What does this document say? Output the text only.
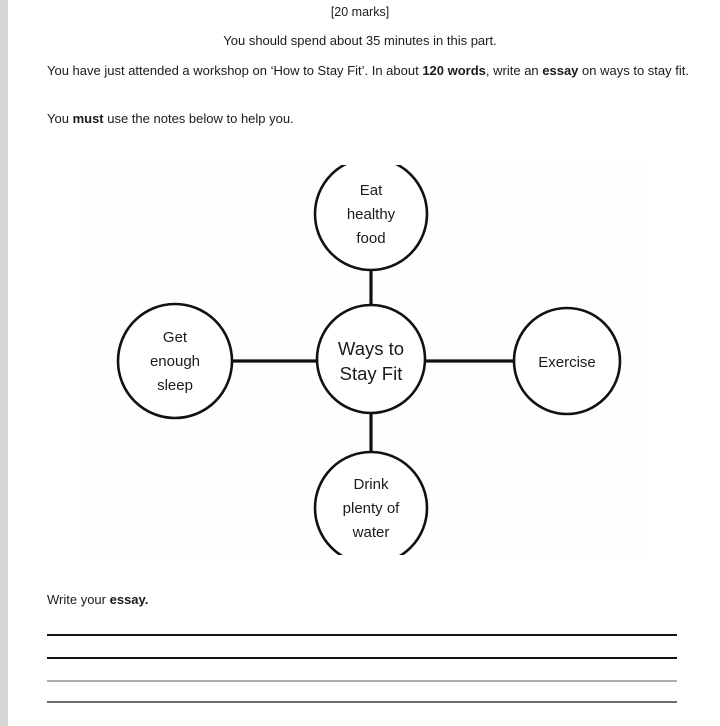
[20 marks]
You should spend about 35 minutes in this part.
You have just attended a workshop on ‘How to Stay Fit’. In about 120 words, write an essay on ways to stay fit.
You must use the notes below to help you.
Eat
healthy
food
Get
enough
sleep
Ways to
Stay Fit
Exercise
Drink
plenty of
water
Write your essay.
